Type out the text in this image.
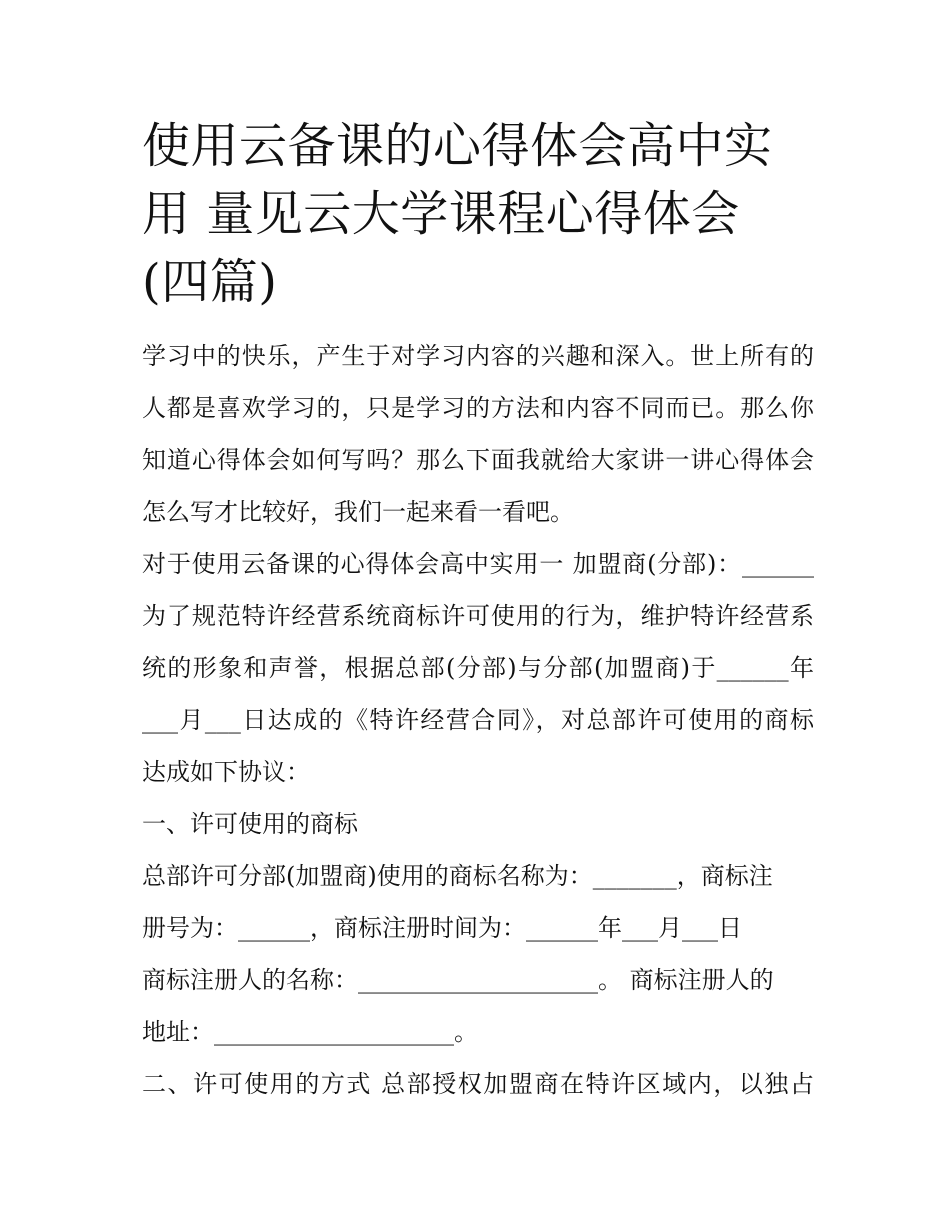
使用云备课的心得体会高中实
用 量见云大学课程心得体会
(四篇)
学习中的快乐，产生于对学习内容的兴趣和深入。世上所有的
人都是喜欢学习的，只是学习的方法和内容不同而已。那么你
知道心得体会如何写吗？那么下面我就给大家讲一讲心得体会
怎么写才比较好，我们一起来看一看吧。
对于使用云备课的心得体会高中实用一 加盟商(分部)：______
为了规范特许经营系统商标许可使用的行为，维护特许经营系
统的形象和声誉，根据总部(分部)与分部(加盟商)于______年
___月___日达成的《特许经营合同》，对总部许可使用的商标
达成如下协议：
一、许可使用的商标
总部许可分部(加盟商)使用的商标名称为：_______，商标注
册号为：______，商标注册时间为：______年___月___日
商标注册人的名称：____________________。 商标注册人的
地址：____________________。
二、许可使用的方式 总部授权加盟商在特许区域内，以独占
